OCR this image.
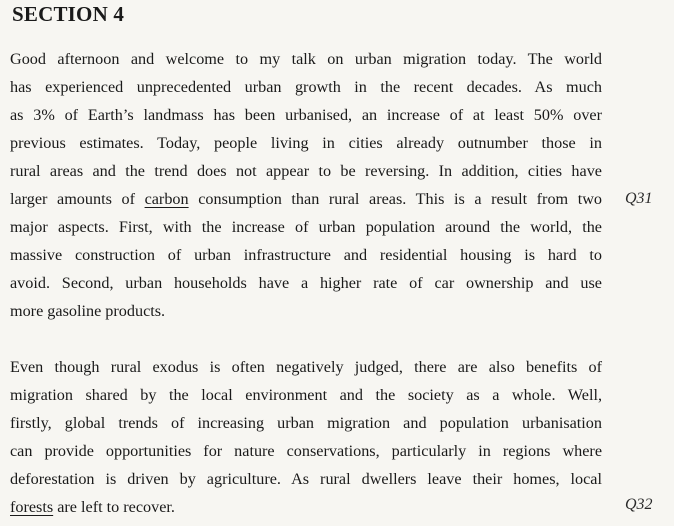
SECTION 4
Good afternoon and welcome to my talk on urban migration today. The world
has experienced unprecedented urban growth in the recent decades. As much
as 3% of Earth’s landmass has been urbanised, an increase of at least 50% over
previous estimates. Today, people living in cities already outnumber those in
rural areas and the trend does not appear to be reversing. In addition, cities have
larger amounts of carbon consumption than rural areas. This is a result from two
major aspects. First, with the increase of urban population around the world, the
massive construction of urban infrastructure and residential housing is hard to
avoid. Second, urban households have a higher rate of car ownership and use
more gasoline products.
Q31
Even though rural exodus is often negatively judged, there are also benefits of
migration shared by the local environment and the society as a whole. Well,
firstly, global trends of increasing urban migration and population urbanisation
can provide opportunities for nature conservations, particularly in regions where
deforestation is driven by agriculture. As rural dwellers leave their homes, local
forests are left to recover.	Q32
